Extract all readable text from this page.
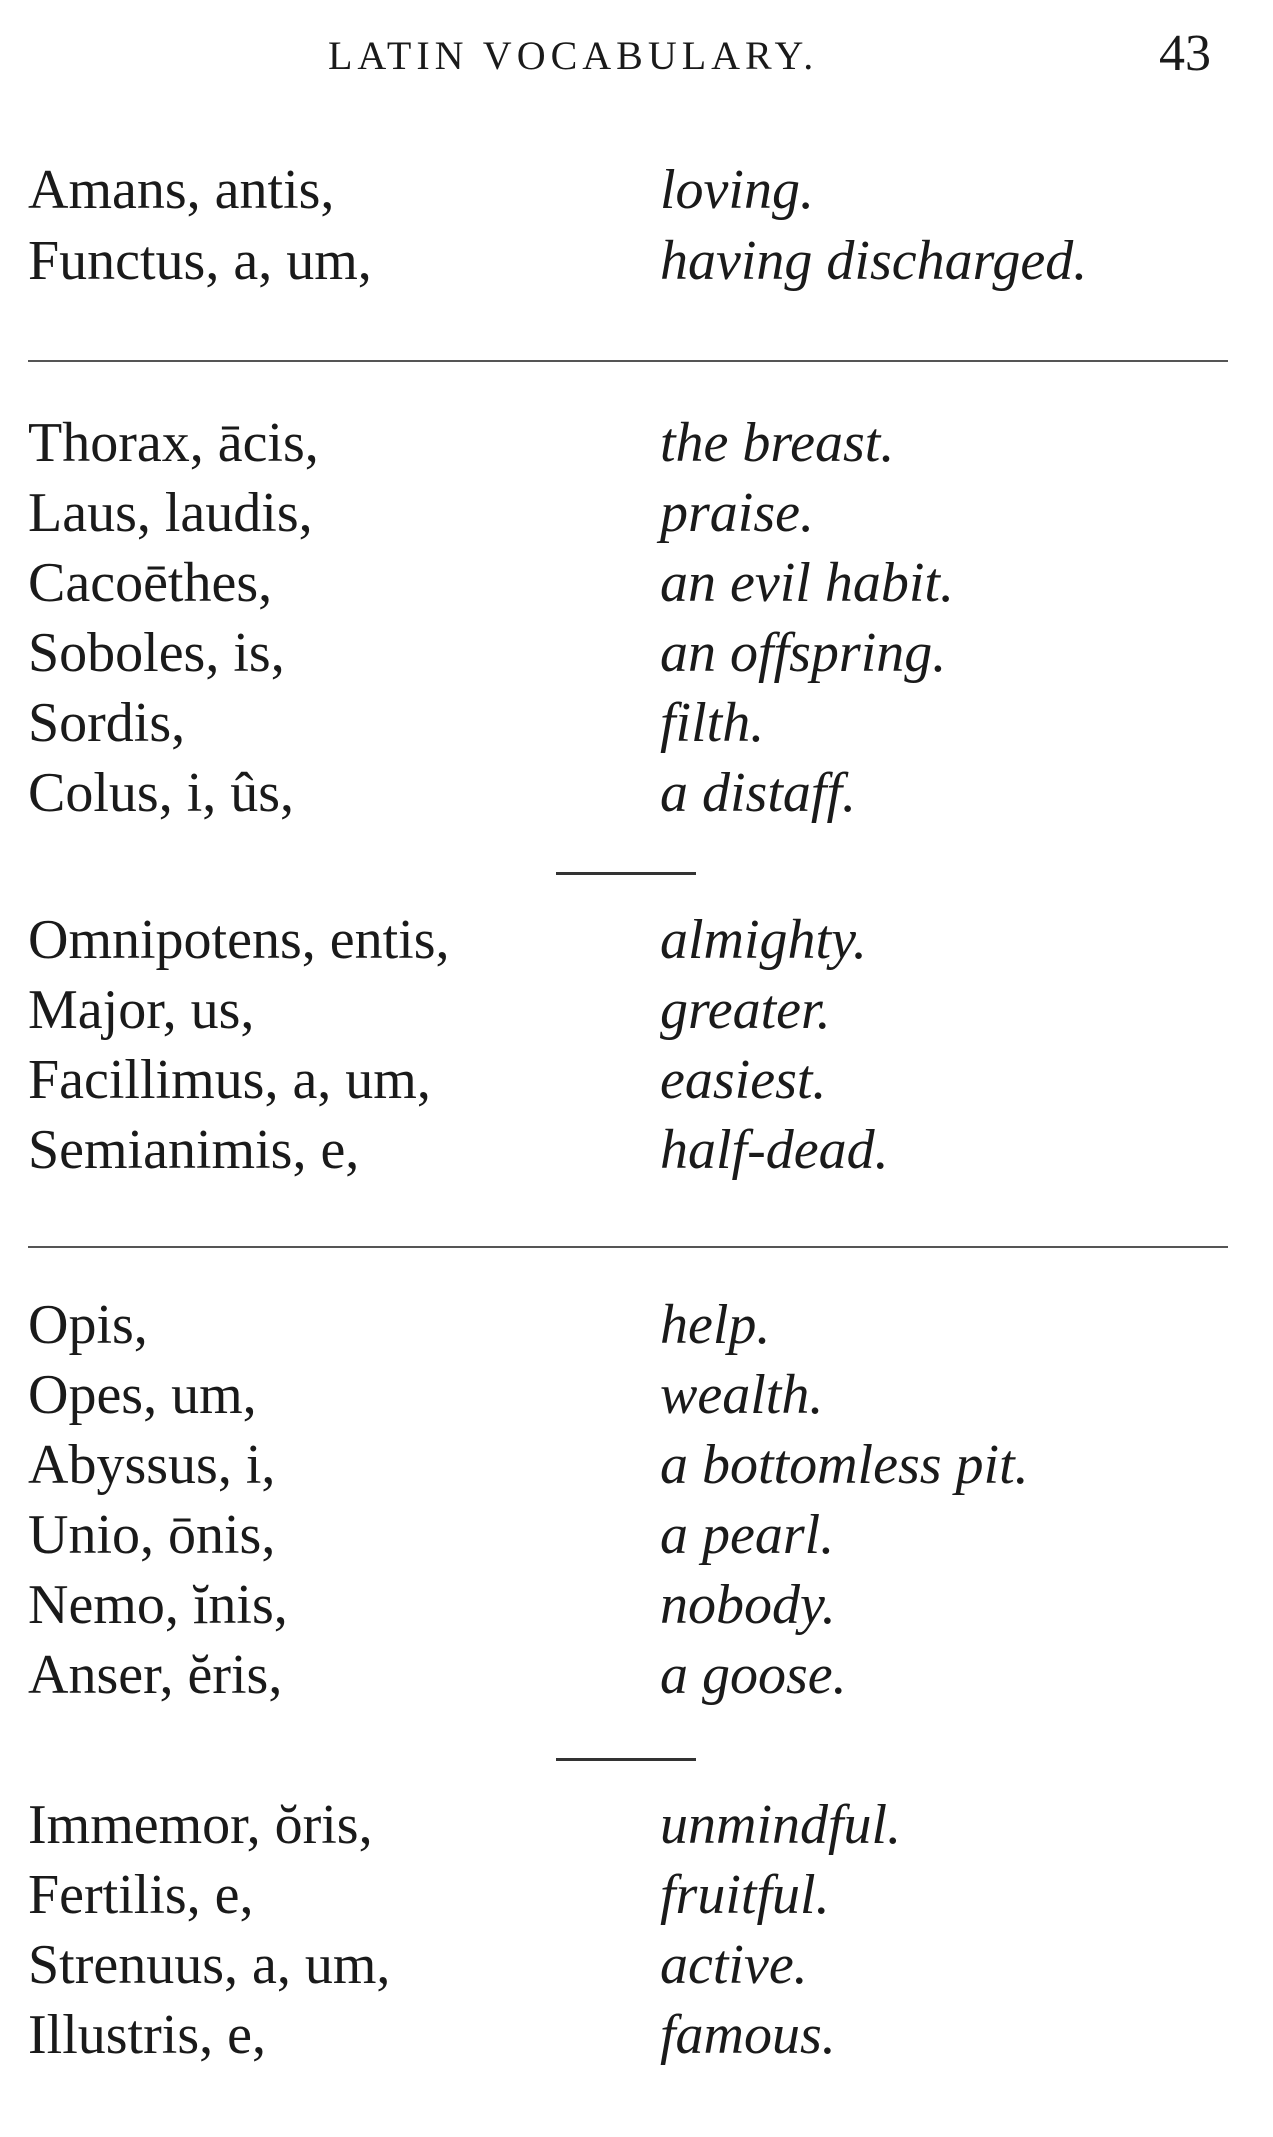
LATIN VOCABULARY.	43
Amans, antis,	loving.
Functus, a, um,	having discharged.
Thorax, ācis,	the breast.
Laus, laudis,	praise.
Cacoēthes,	an evil habit.
Soboles, is,	an offspring.
Sordis,	filth.
Colus, i, ûs,	a distaff.
Omnipotens, entis,	almighty.
Major, us,	greater.
Facillimus, a, um,	easiest.
Semianimis, e,	half-dead.
Opis,	help.
Opes, um,	wealth.
Abyssus, i,	a bottomless pit.
Unio, ōnis,	a pearl.
Nemo, ĭnis,	nobody.
Anser, ĕris,	a goose.
Immemor, ŏris,	unmindful.
Fertilis, e,	fruitful.
Strenuus, a, um,	active.
Illustris, e,	famous.
